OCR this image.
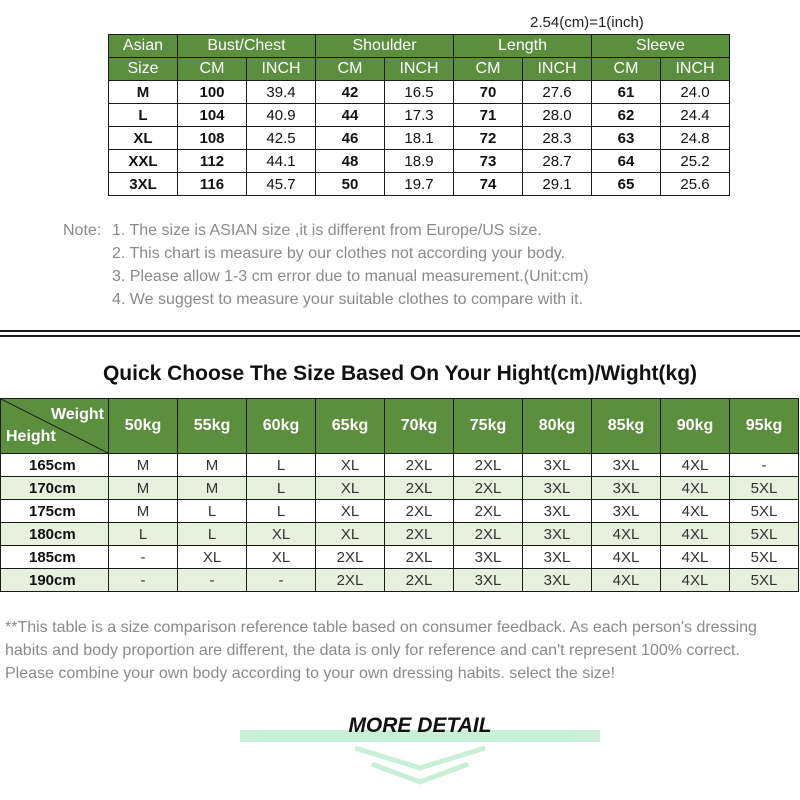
2.54(cm)=1(inch)
Asian	Bust/Chest		Shoulder		Length		Sleeve	
Size	CM	INCH	CM	INCH	CM	INCH	CM	INCH
M	100	39.4	42	16.5	70	27.6	61	24.0
L	104	40.9	44	17.3	71	28.0	62	24.4
XL	108	42.5	46	18.1	72	28.3	63	24.8
XXL	112	44.1	48	18.9	73	28.7	64	25.2
3XL	116	45.7	50	19.7	74	29.1	65	25.6
Note: 1. The size is ASIAN size ,it is different from Europe/US size.
2. This chart is measure by our clothes not according your body.
3. Please allow 1-3 cm error due to manual measurement.(Unit:cm)
4. We suggest to measure your suitable clothes to compare with it.
Quick Choose The Size Based On Your Hight(cm)/Wight(kg)
Weight
Height	50kg	55kg	60kg	65kg	70kg	75kg	80kg	85kg	90kg	95kg
165cm	M	M	L	XL	2XL	2XL	3XL	3XL	4XL	-
170cm	M	M	L	XL	2XL	2XL	3XL	3XL	4XL	5XL
175cm	M	L	L	XL	2XL	2XL	3XL	3XL	4XL	5XL
180cm	L	L	XL	XL	2XL	2XL	3XL	4XL	4XL	5XL
185cm	-	XL	XL	2XL	2XL	3XL	3XL	4XL	4XL	5XL
190cm	-	-	-	2XL	2XL	3XL	3XL	4XL	4XL	5XL
**This table is a size comparison reference table based on consumer feedback. As each person's dressing habits and body proportion are different, the data is only for reference and can't represent 100% correct. Please combine your own body according to your own dressing habits. select the size!
MORE DETAIL
